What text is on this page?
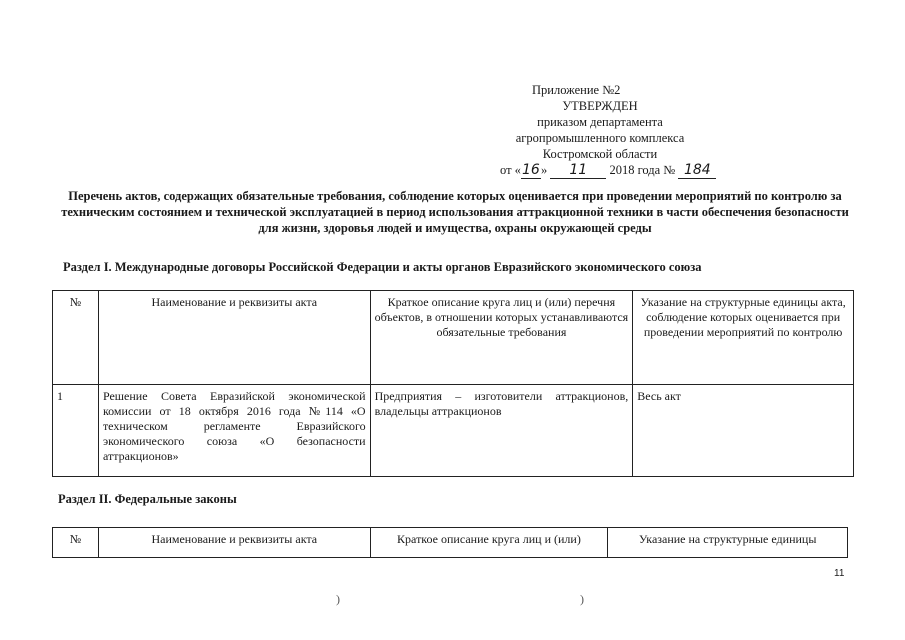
Приложение №2
УТВЕРЖДЕН
приказом департамента
агропромышленного комплекса
Костромской области
от «16» 11 2018 года № 184
Перечень актов, содержащих обязательные требования, соблюдение которых оценивается при проведении мероприятий по контролю за техническим состоянием и технической эксплуатацией в период использования аттракционной техники в части обеспечения безопасности для жизни, здоровья людей и имущества, охраны окружающей среды
Раздел I. Международные договоры Российской Федерации и акты органов Евразийского экономического союза
№	Наименование и реквизиты акта	Краткое описание круга лиц и (или) перечня объектов, в отношении которых устанавливаются обязательные требования	Указание на структурные единицы акта, соблюдение которых оценивается при проведении мероприятий по контролю
1	Решение Совета Евразийской экономической комиссии от 18 октября 2016 года №114 «О техническом регламенте Евразийского экономического союза «О безопасности аттракционов»	Предприятия – изготовители аттракционов, владельцы аттракционов	Весь акт
Раздел II. Федеральные законы
№	Наименование и реквизиты акта	Краткое описание круга лиц и (или)	Указание на структурные единицы
11
)	)
